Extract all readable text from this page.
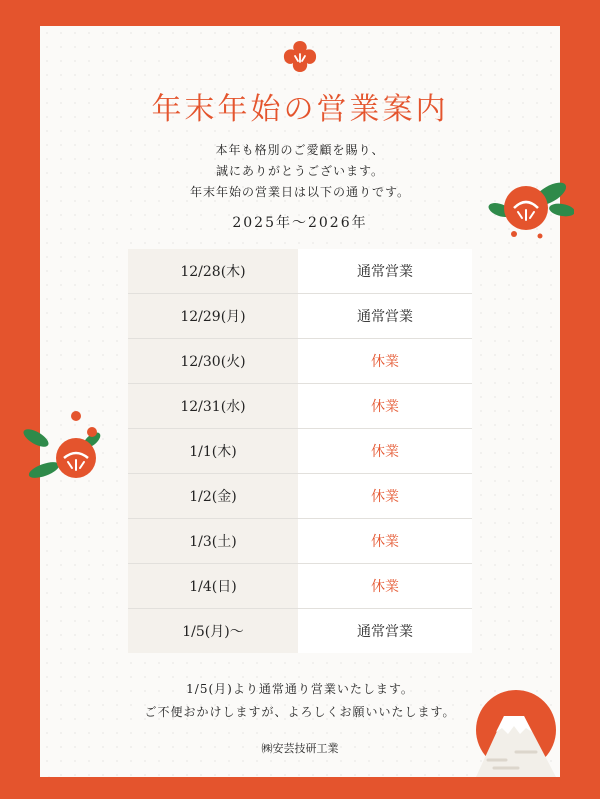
年末年始の営業案内
本年も格別のご愛顧を賜り、
誠にありがとうございます。
年末年始の営業日は以下の通りです。
2025年〜2026年
12/28(木)	通常営業
12/29(月)	通常営業
12/30(火)	休業
12/31(水)	休業
1/1(木)	休業
1/2(金)	休業
1/3(土)	休業
1/4(日)	休業
1/5(月)〜	通常営業
1/5(月)より通常通り営業いたします。
ご不便おかけしますが、よろしくお願いいたします。
㈱安芸技研工業
